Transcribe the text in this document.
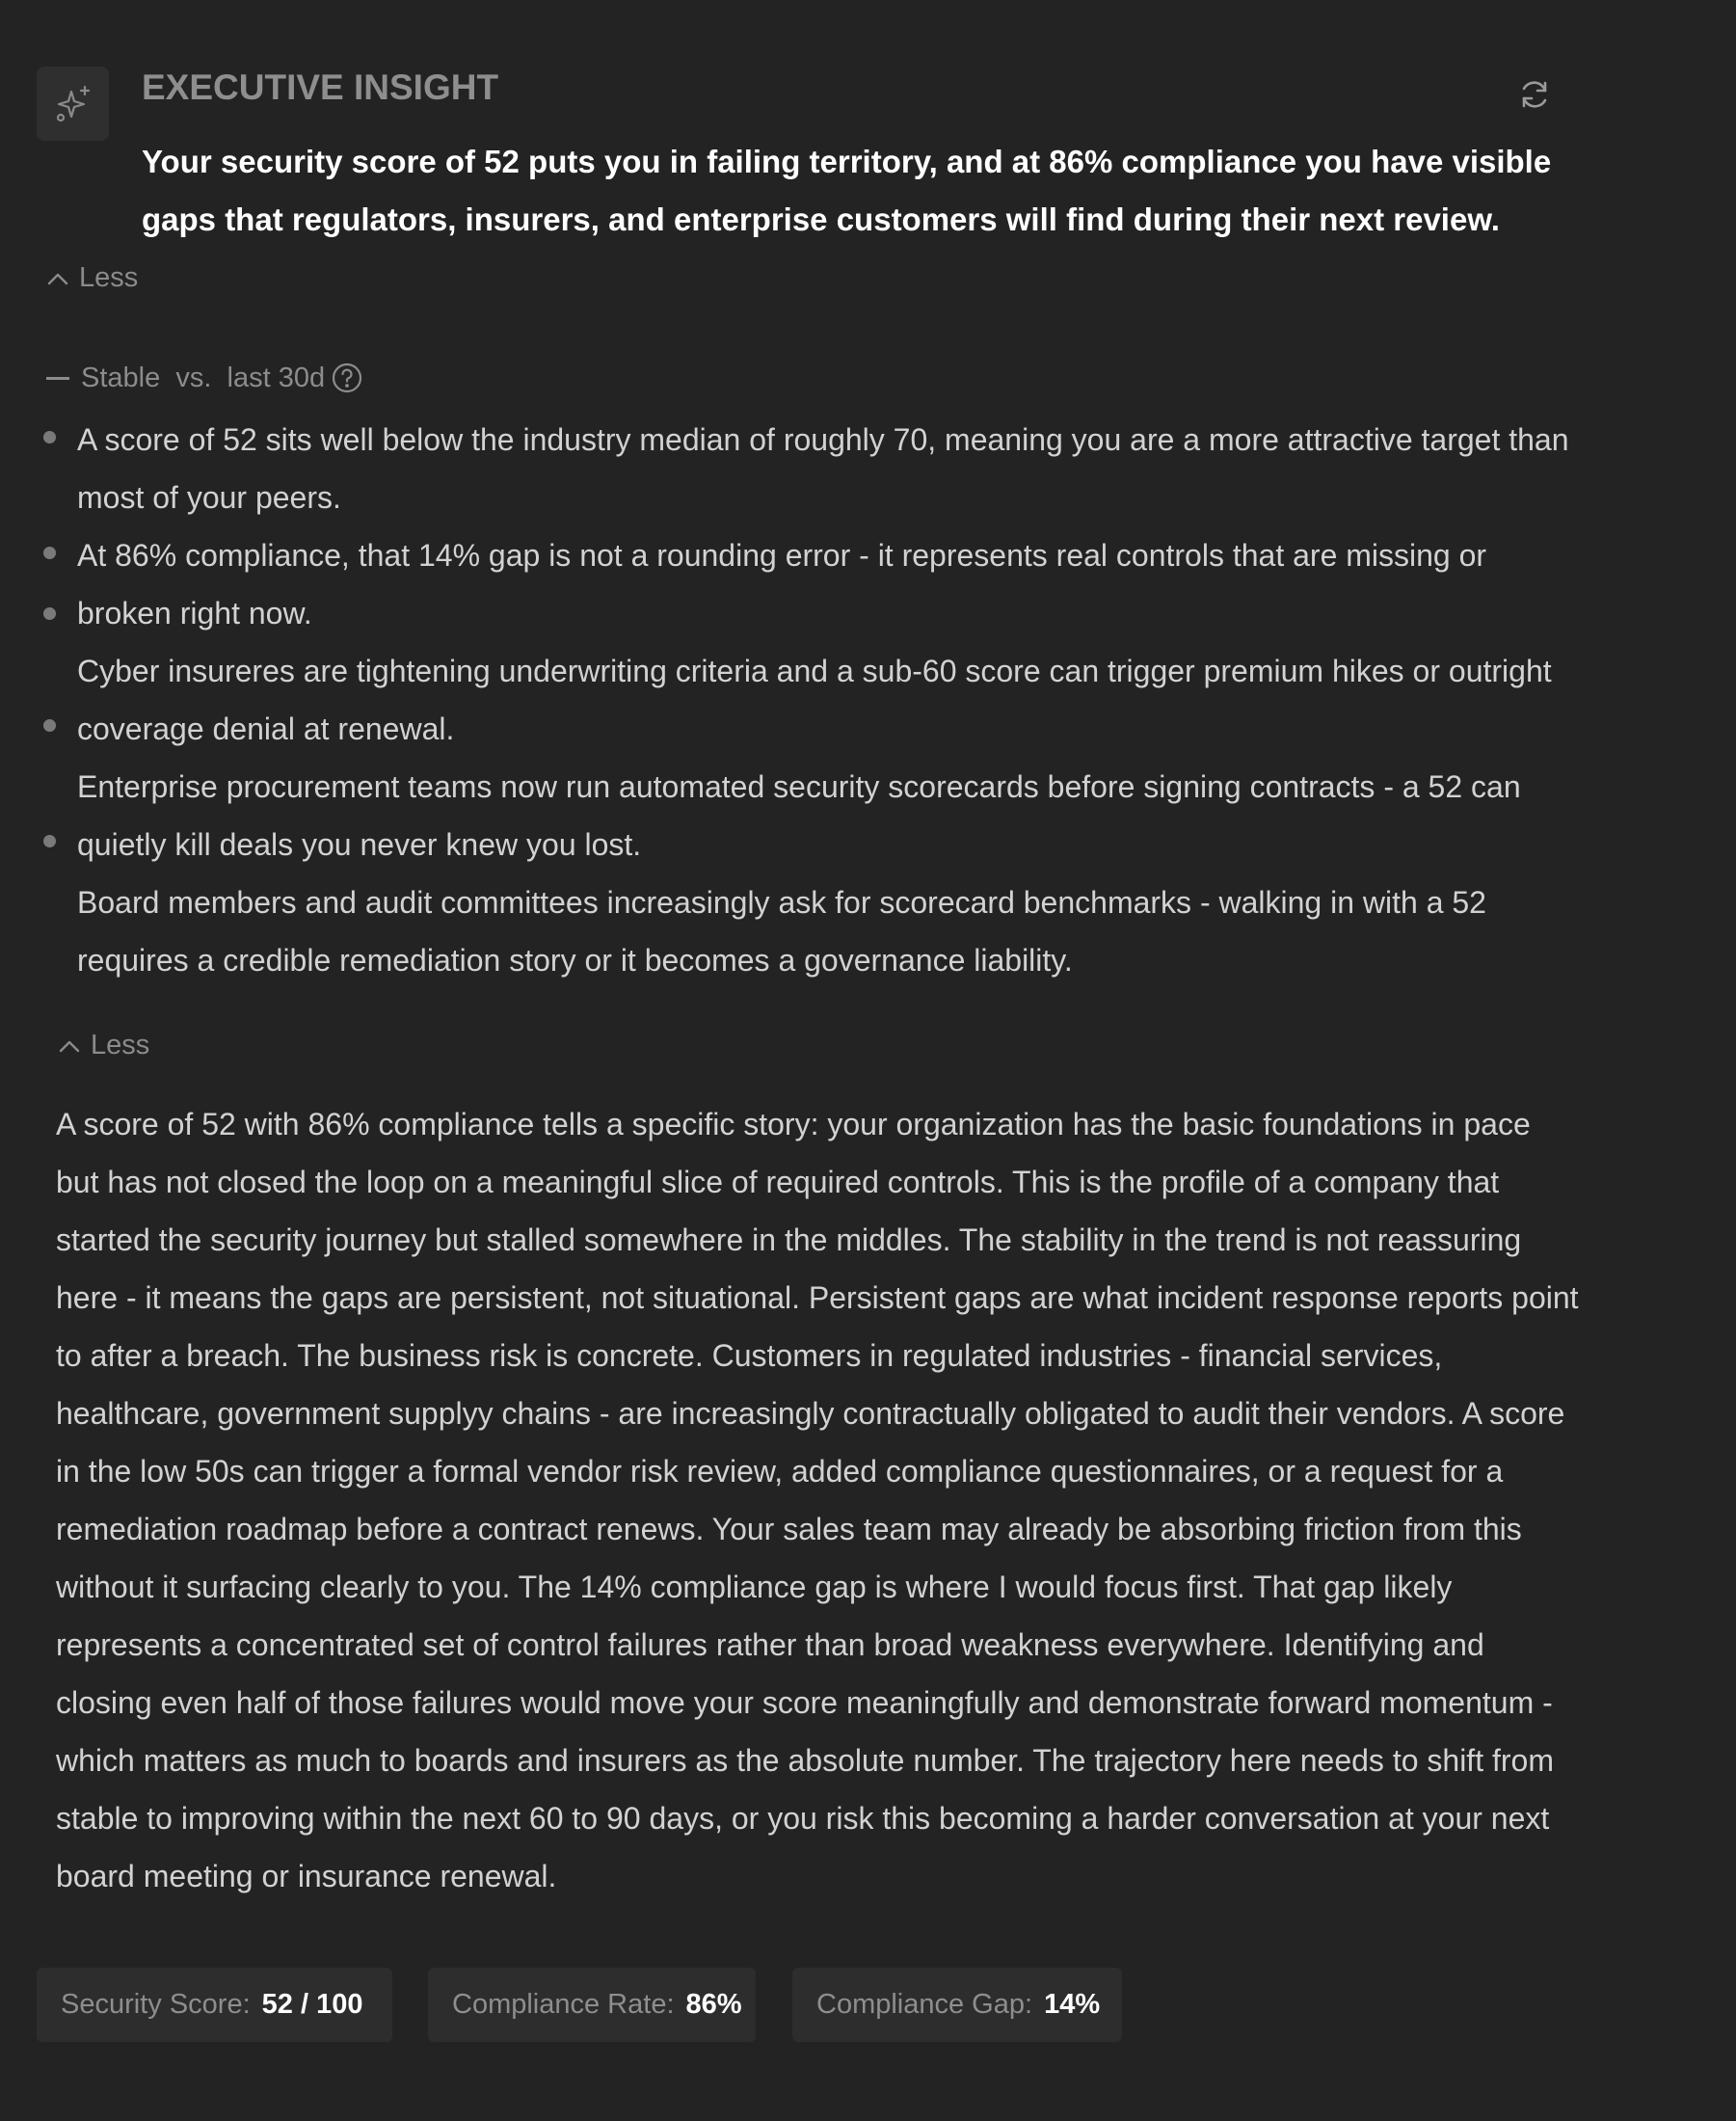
EXECUTIVE INSIGHT

Your security score of 52 puts you in failing territory, and at 86% compliance you have visible gaps that regulators, insurers, and enterprise customers will find during their next review.

Less
Stable  vs.  last 30d
A score of 52 sits well below the industry median of roughly 70, meaning you are a more attractive target than most of your peers.
At 86% compliance, that 14% gap is not a rounding error - it represents real controls that are missing or broken right now.
Cyber insureres are tightening underwriting criteria and a sub-60 score can trigger premium hikes or outright coverage denial at renewal.
Enterprise procurement teams now run automated security scorecards before signing contracts - a 52 can quietly kill deals you never knew you lost.
Board members and audit committees increasingly ask for scorecard benchmarks - walking in with a 52 requires a credible remediation story or it becomes a governance liability.
Less

A score of 52 with 86% compliance tells a specific story: your organization has the basic foundations in pace but has not closed the loop on a meaningful slice of required controls. This is the profile of a company that started the security journey but stalled somewhere in the middles. The stability in the trend is not reassuring here - it means the gaps are persistent, not situational. Persistent gaps are what incident response reports point to after a breach. The business risk is concrete. Customers in regulated industries - financial services, healthcare, government supplyy chains - are increasingly contractually obligated to audit their vendors. A score in the low 50s can trigger a formal vendor risk review, added compliance questionnaires, or a request for a remediation roadmap before a contract renews. Your sales team may already be absorbing friction from this without it surfacing clearly to you. The 14% compliance gap is where I would focus first. That gap likely represents a concentrated set of control failures rather than broad weakness everywhere. Identifying and closing even half of those failures would move your score meaningfully and demonstrate forward momentum - which matters as much to boards and insurers as the absolute number. The trajectory here needs to shift from stable to improving within the next 60 to 90 days, or you risk this becoming a harder conversation at your next board meeting or insurance renewal.

Security Score: 52 / 100	Compliance Rate: 86%	Compliance Gap: 14%
